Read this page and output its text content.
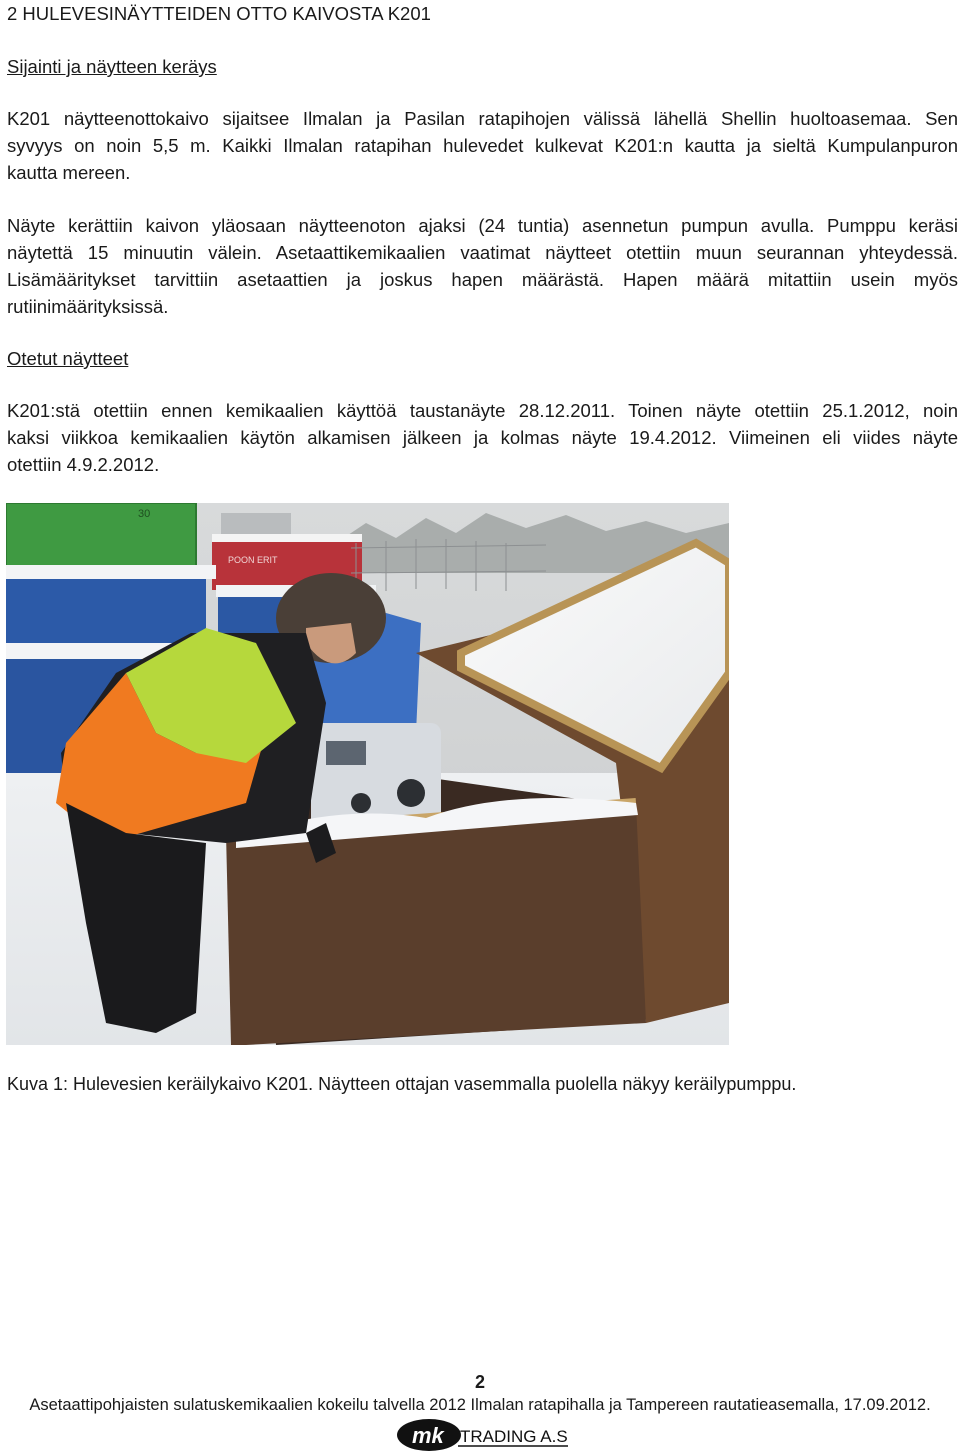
2 HULEVESINÄYTTEIDEN OTTO KAIVOSTA K201
Sijainti ja näytteen keräys
K201 näytteenottokaivo sijaitsee Ilmalan ja Pasilan ratapihojen välissä lähellä Shellin huoltoasemaa. Sen
syvyys on noin 5,5 m. Kaikki Ilmalan ratapihan hulevedet kulkevat K201:n kautta ja sieltä Kumpulanpuron
kautta mereen.
Näyte kerättiin kaivon yläosaan näytteenoton ajaksi (24 tuntia) asennetun pumpun avulla. Pumppu keräsi
näytettä 15 minuutin välein. Asetaattikemikaalien vaatimat näytteet otettiin muun seurannan yhteydessä.
Lisämääritykset tarvittiin asetaattien ja joskus hapen määrästä. Hapen määrä mitattiin usein myös
rutiinimäärityksissä.
Otetut näytteet
K201:stä otettiin ennen kemikaalien käyttöä taustanäyte 28.12.2011. Toinen näyte otettiin 25.1.2012, noin
kaksi viikkoa kemikaalien käytön alkamisen jälkeen ja kolmas näyte 19.4.2012. Viimeinen eli viides näyte
otettiin 4.9.2.2012.
30
POON ERIT
Kuva 1: Hulevesien keräilykaivo K201. Näytteen ottajan vasemmalla puolella näkyy keräilypumppu.
2
Asetaattipohjaisten sulatuskemikaalien kokeilu talvella 2012 Ilmalan ratapihalla ja Tampereen rautatieasemalla, 17.09.2012.
mk TRADING A.S
